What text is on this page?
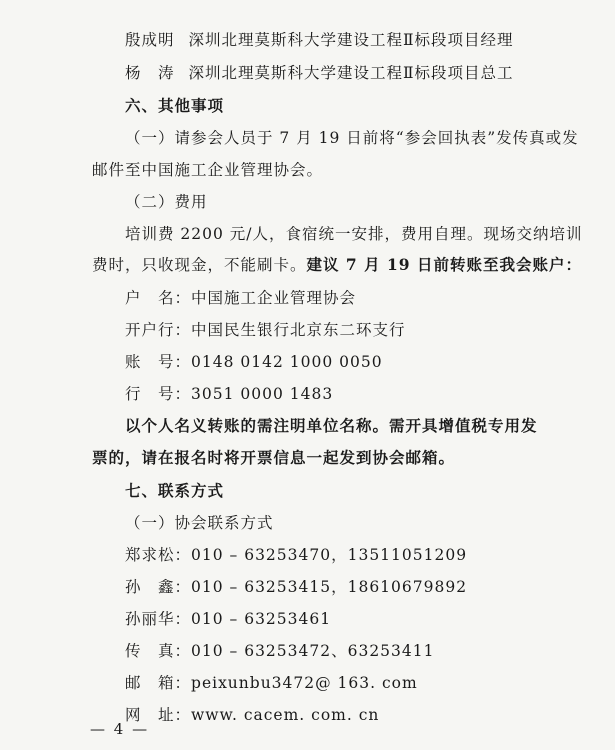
殷成明 深圳北理莫斯科大学建设工程Ⅱ标段项目经理
杨　涛 深圳北理莫斯科大学建设工程Ⅱ标段项目总工
六、其他事项
（一）请参会人员于 7 月 19 日前将“参会回执表”发传真或发
邮件至中国施工企业管理协会。
（二）费用
培训费 2200 元/人，食宿统一安排，费用自理。现场交纳培训
费时，只收现金，不能刷卡。建议 7 月 19 日前转账至我会账户：
户　名：中国施工企业管理协会
开户行：中国民生银行北京东二环支行
账　号：0148 0142 1000 0050
行　号：3051 0000 1483
以个人名义转账的需注明单位名称。需开具增值税专用发
票的，请在报名时将开票信息一起发到协会邮箱。
七、联系方式
（一）协会联系方式
郑求松：010 – 63253470，13511051209
孙　鑫：010 – 63253415，18610679892
孙丽华：010 – 63253461
传　真：010 – 63253472、63253411
邮　箱：peixunbu3472@ 163. com
网　址：www. cacem. com. cn
— 4 —
